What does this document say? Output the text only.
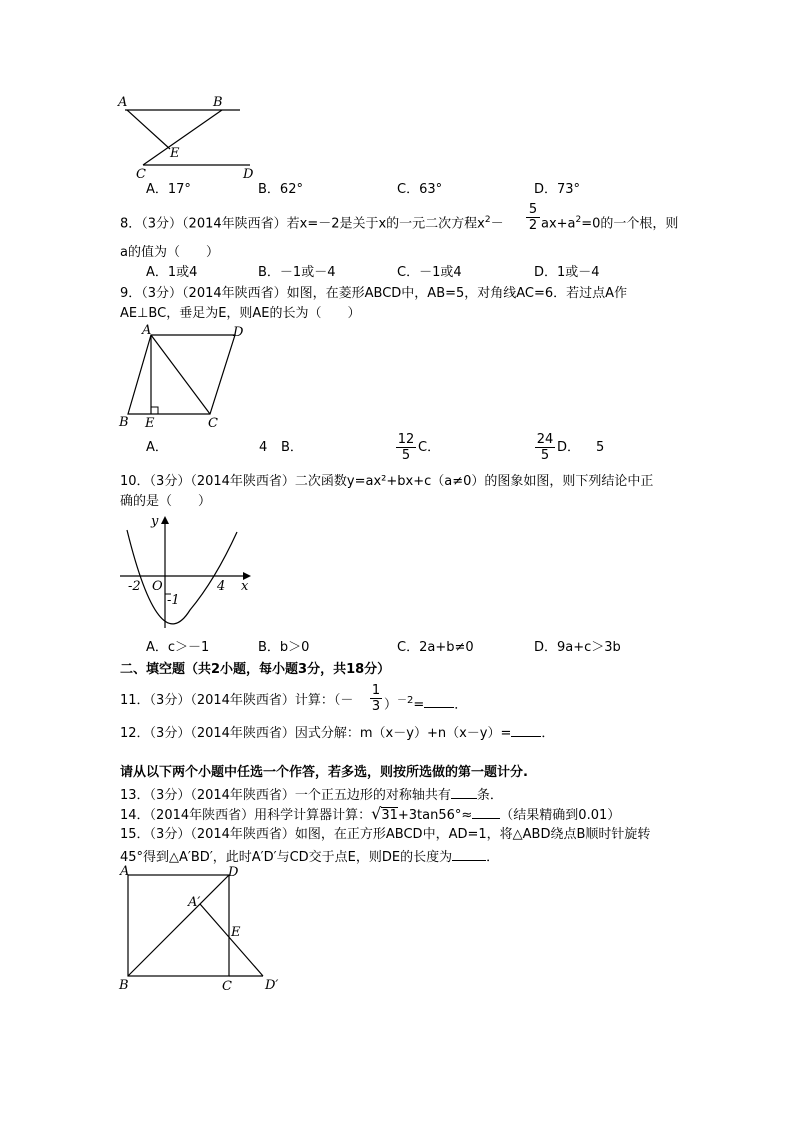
A	B
C	D
E
A．17°	B．62°	C．63°	D．73°
8．（3分）（2014年陕西省）若x=－2是关于x的一元二次方程$x^2- \frac{5}{2} ax+a^2=0$的一个根，则
a的值为（　　）
A．1或4	B．－1或－4	C．－1或4	D．1或－4
9．（3分）（2014年陕西省）如图，在菱形ABCD中，AB=5，对角线AC=6．若过点A作
AE⊥BC，垂足为E，则AE的长为（　　）
A	D
B E	C
A．	4 B．	$\frac{12}{5}$ C．	$\frac{24}{5}$ D． 5
10．（3分）（2014年陕西省）二次函数y=ax²+bx+c（a≠0）的图象如图，则下列结论中正
确的是（　　）
y
x
O
-2	4
-1
A．c＞－1	B．b＞0	C．2a+b≠0	D．9a+c＞3b
二、填空题（共2小题，每小题3分，共18分）
11．（3分）（2014年陕西省）计算：（－ $\frac{1}{3} )^{-2}=$ ．
12．（3分）（2014年陕西省）因式分解：m（x－y）+n（x－y）= ．
请从以下两个小题中任选一个作答，若多选，则按所选做的第一题计分.
13．（3分）（2014年陕西省）一个正五边形的对称轴共有 条．
14．（2014年陕西省）用科学计算器计算：√31+3tan56°≈ （结果精确到0.01）
15．（3分）（2014年陕西省）如图，在正方形ABCD中，AD=1，将△ABD绕点B顺时针旋转
45°得到△A′BD′，此时A′D′与CD交于点E，则DE的长度为	．
A	D
A′
E
B	C	D′
